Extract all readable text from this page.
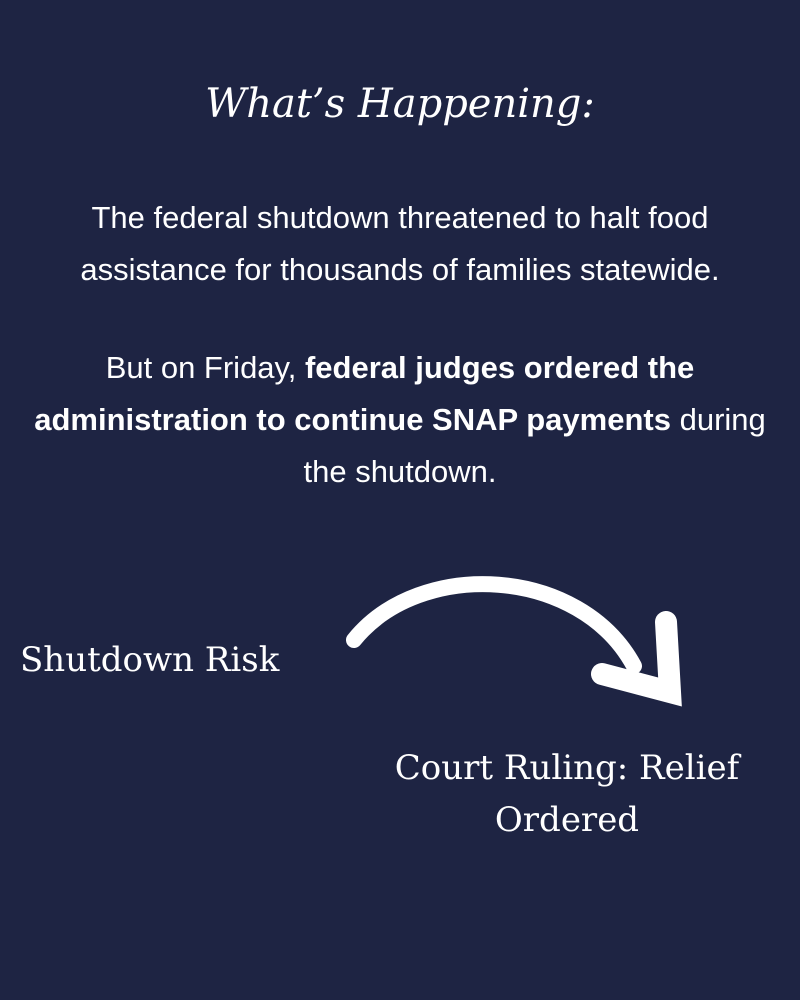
What’s Happening:

The federal shutdown threatened to halt food assistance for thousands of families statewide.

But on Friday, federal judges ordered the administration to continue SNAP payments during the shutdown.

Shutdown Risk
Court Ruling: Relief Ordered
